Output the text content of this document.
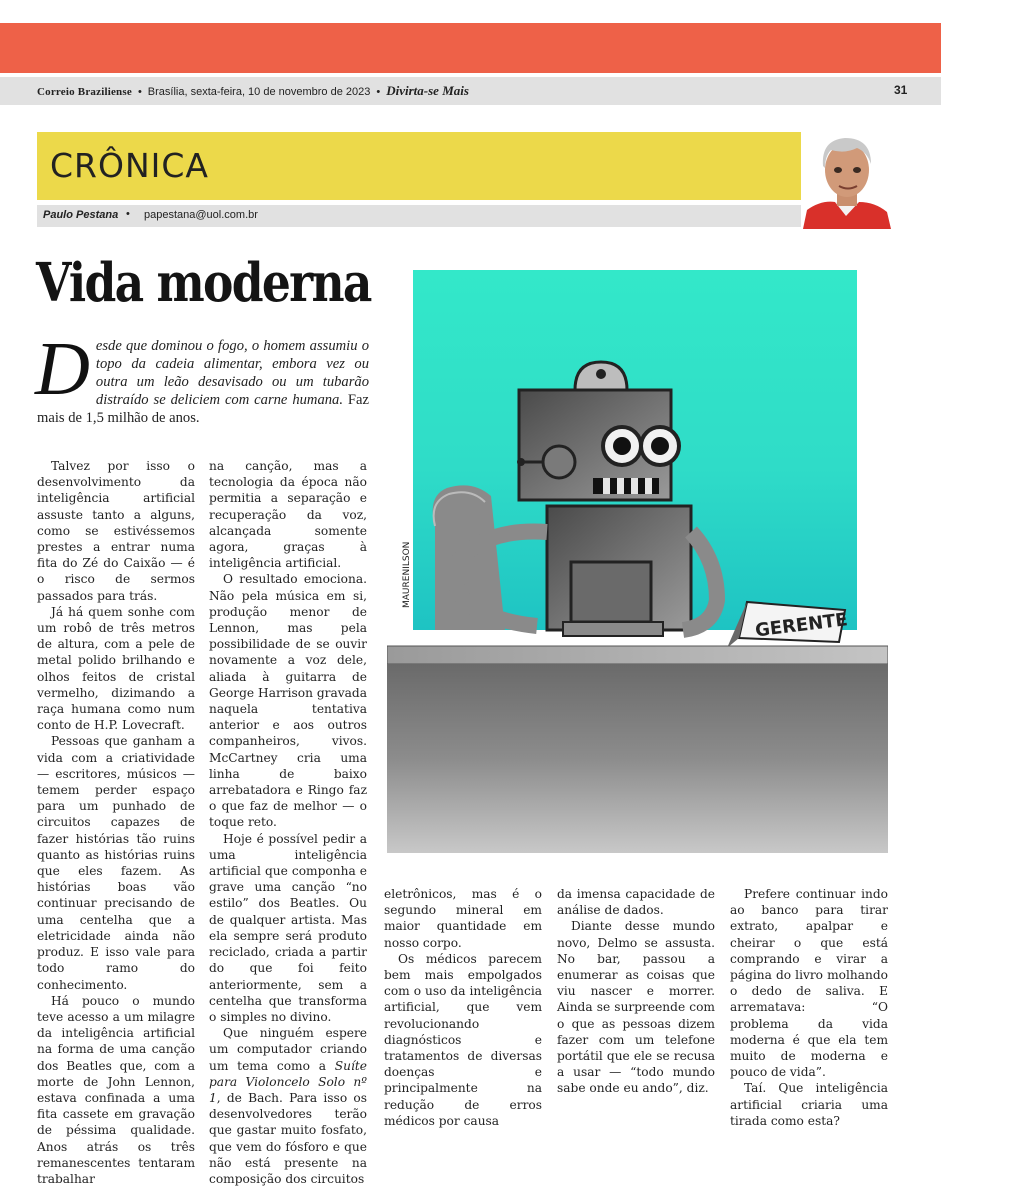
Correio Braziliense • Brasília, sexta-feira, 10 de novembro de 2023 • Divirta-se Mais	31
CRÔNICA
Paulo Pestana • papestana@uol.com.br
Vida moderna

Desde que dominou o fogo, o homem assumiu o topo da cadeia alimentar, embora vez ou outra um leão desavisado ou um tubarão distraído se deliciem com carne humana. Faz mais de 1,5 milhão de anos.

GERENTE
MAURENILSON

Talvez por isso o desenvolvimento da inteligência artificial assuste tanto a alguns, como se estivéssemos prestes a entrar numa fita do Zé do Caixão — é o risco de sermos passados para trás.

Já há quem sonhe com um robô de três metros de altura, com a pele de metal polido brilhando e olhos feitos de cristal vermelho, dizimando a raça humana como num conto de H.P. Lovecraft.

Pessoas que ganham a vida com a criatividade — escritores, músicos — temem perder espaço para um punhado de circuitos capazes de fazer histórias tão ruins quanto as histórias ruins que eles fazem. As histórias boas vão continuar precisando de uma centelha que a eletricidade ainda não produz. E isso vale para todo ramo do conhecimento.

Há pouco o mundo teve acesso a um milagre da inteligência artificial na forma de uma canção dos Beatles que, com a morte de John Lennon, estava confinada a uma fita cassete em gravação de péssima qualidade. Anos atrás os três remanescentes tentaram trabalhar

na canção, mas a tecnologia da época não permitia a separação e recuperação da voz, alcançada somente agora, graças à inteligência artificial.

O resultado emociona. Não pela música em si, produção menor de Lennon, mas pela possibilidade de se ouvir novamente a voz dele, aliada à guitarra de George Harrison gravada naquela tentativa anterior e aos outros companheiros, vivos. McCartney cria uma linha de baixo arrebatadora e Ringo faz o que faz de melhor — o toque reto.

Hoje é possível pedir a uma inteligência artificial que componha e grave uma canção “no estilo” dos Beatles. Ou de qualquer artista. Mas ela sempre será produto reciclado, criada a partir do que foi feito anteriormente, sem a centelha que transforma o simples no divino.

Que ninguém espere um computador criando um tema como a Suíte para Violoncelo Solo nº 1, de Bach. Para isso os desenvolvedores terão que gastar muito fosfato, que vem do fósforo e que não está presente na composição dos circuitos

eletrônicos, mas é o segundo mineral em maior quantidade em nosso corpo.

Os médicos parecem bem mais empolgados com o uso da inteligência artificial, que vem revolucionando diagnósticos e tratamentos de diversas doenças e principalmente na redução de erros médicos por causa

da imensa capacidade de análise de dados.

Diante desse mundo novo, Delmo se assusta. No bar, passou a enumerar as coisas que viu nascer e morrer. Ainda se surpreende com o que as pessoas dizem fazer com um telefone portátil que ele se recusa a usar — “todo mundo sabe onde eu ando”, diz.

Prefere continuar indo ao banco para tirar extrato, apalpar e cheirar o que está comprando e virar a página do livro molhando o dedo de saliva. E arrematava: “O problema da vida moderna é que ela tem muito de moderna e pouco de vida”.

Taí. Que inteligência artificial criaria uma tirada como esta?
